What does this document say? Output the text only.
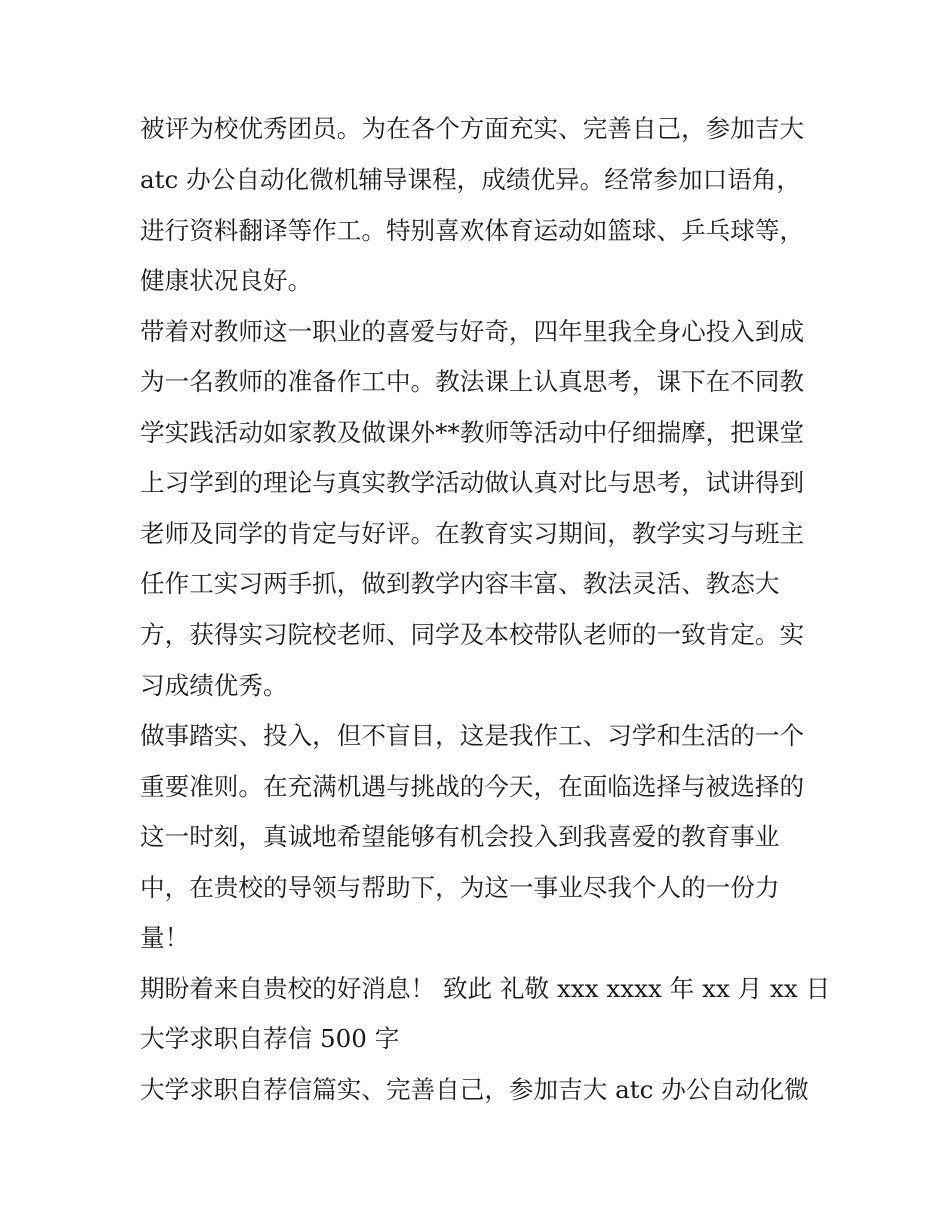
被评为校优秀团员。为在各个方面充实、完善自己，参加吉大

atc 办公自动化微机辅导课程，成绩优异。经常参加口语角，

进行资料翻译等作工。特别喜欢体育运动如篮球、乒乓球等，

健康状况良好。

带着对教师这一职业的喜爱与好奇，四年里我全身心投入到成

为一名教师的准备作工中。教法课上认真思考，课下在不同教

学实践活动如家教及做课外**教师等活动中仔细揣摩，把课堂

上习学到的理论与真实教学活动做认真对比与思考，试讲得到

老师及同学的肯定与好评。在教育实习期间，教学实习与班主

任作工实习两手抓，做到教学内容丰富、教法灵活、教态大

方，获得实习院校老师、同学及本校带队老师的一致肯定。实

习成绩优秀。

做事踏实、投入，但不盲目，这是我作工、习学和生活的一个

重要准则。在充满机遇与挑战的今天，在面临选择与被选择的

这一时刻，真诚地希望能够有机会投入到我喜爱的教育事业

中，在贵校的导领与帮助下，为这一事业尽我个人的一份力

量！

期盼着来自贵校的好消息！ 致此 礼敬 xxx xxxx 年 xx 月 xx 日

大学求职自荐信 500 字

大学求职自荐信篇实、完善自己，参加吉大 atc 办公自动化微
